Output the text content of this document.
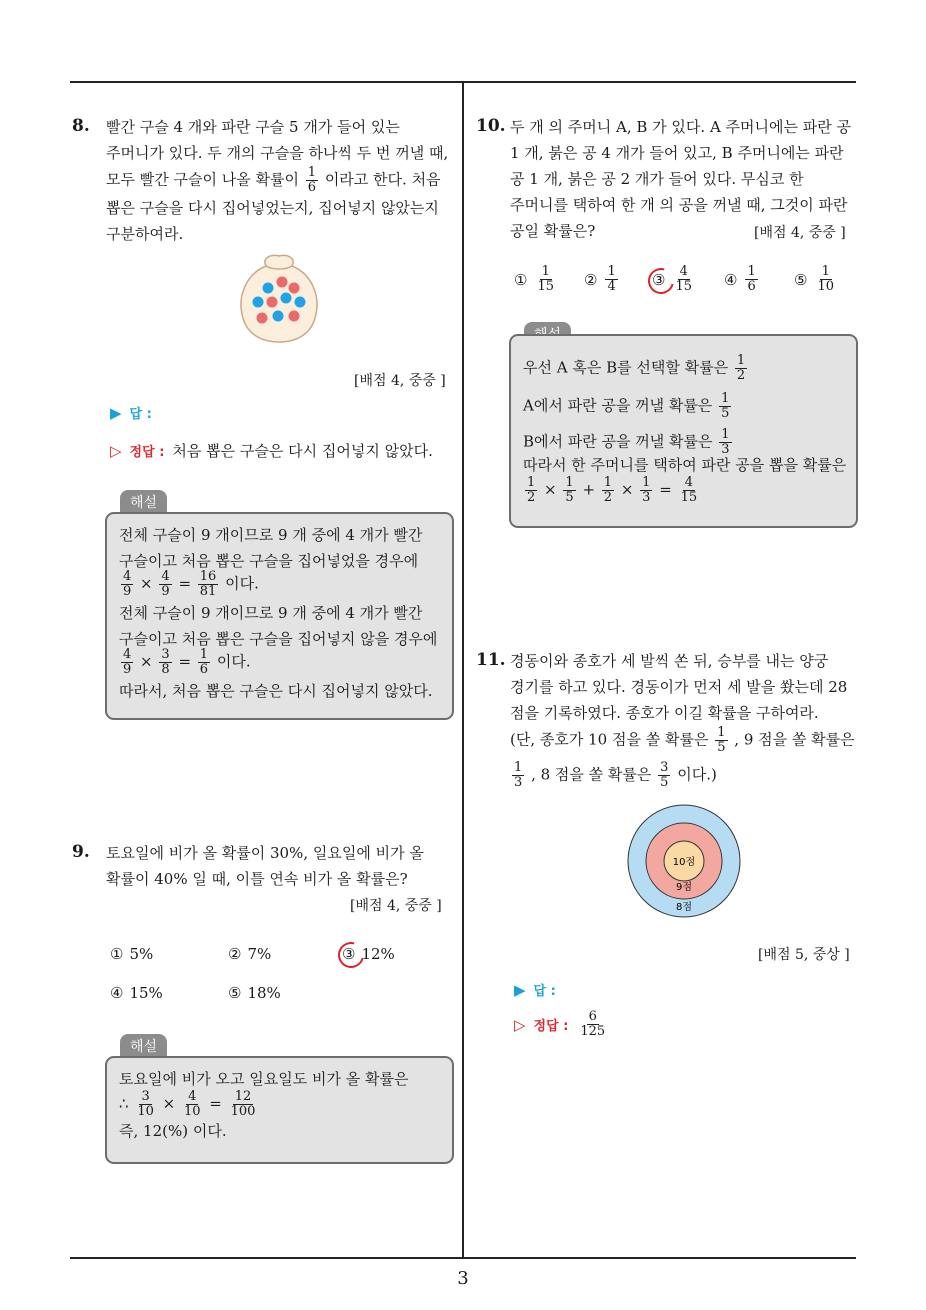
8. 빨간 구슬 4 개와 파란 구슬 5 개가 들어 있는

주머니가 있다. 두 개의 구슬을 하나씩 두 번 꺼낼 때,

모두 빨간 구슬이 나올 확률이 $\frac{1}{6}$ 이라고 한다. 처음

뽑은 구슬을 다시 집어넣었는지, 집어넣지 않았는지

구분하여라.

[배점 4, 중중 ]
▶ 답 :
▷ 정답 : 처음 뽑은 구슬은 다시 집어넣지 않았다.
해설
전체 구슬이 9 개이므로 9 개 중에 4 개가 빨간
구슬이고 처음 뽑은 구슬을 집어넣었을 경우에
$\frac{4}{9} \times \frac{4}{9} = \frac{16}{81}$ 이다.
전체 구슬이 9 개이므로 9 개 중에 4 개가 빨간
구슬이고 처음 뽑은 구슬을 집어넣지 않을 경우에
$\frac{4}{9} \times \frac{3}{8} = \frac{1}{6}$ 이다.
따라서, 처음 뽑은 구슬은 다시 집어넣지 않았다.
9. 토요일에 비가 올 확률이 30%, 일요일에 비가 올

확률이 40% 일 때, 이틀 연속 비가 올 확률은?

[배점 4, 중중 ]
① 5%	② 7%	③ 12%
④ 15%	⑤ 18%
해설
토요일에 비가 오고 일요일도 비가 올 확률은
∴ $\frac{3}{10} \times \frac{4}{10} = \frac{12}{100}$
즉, 12(%) 이다.
10. 두 개 의 주머니 A, B 가 있다. A 주머니에는 파란 공

1 개, 붉은 공 4 개가 들어 있고, B 주머니에는 파란

공 1 개, 붉은 공 2 개가 들어 있다. 무심코 한

주머니를 택하여 한 개 의 공을 꺼낼 때, 그것이 파란

공일 확률은?	[배점 4, 중중 ]
① $\frac{1}{15}$ ② $\frac{1}{4}$ ③ $\frac{4}{15}$ ④ $\frac{1}{6}$ ⑤ $\frac{1}{10}$
우선 A 혹은 B를 선택할 확률은 $\frac{1}{2}$
A에서 파란 공을 꺼낼 확률은 $\frac{1}{5}$
B에서 파란 공을 꺼낼 확률은 $\frac{1}{3}$
따라서 한 주머니를 택하여 파란 공을 뽑을 확률은
$\frac{1}{2} \times \frac{1}{5} + \frac{1}{2} \times \frac{1}{3} = \frac{4}{15}$
11. 경동이와 종호가 세 발씩 쏜 뒤, 승부를 내는 양궁

경기를 하고 있다. 경동이가 먼저 세 발을 쐈는데 28

점을 기록하였다. 종호가 이길 확률을 구하여라.

(단, 종호가 10 점을 쏠 확률은 $\frac{1}{5}$ , 9 점을 쏠 확률은

$\frac{1}{3}$ , 8 점을 쏠 확률은 $\frac{3}{5}$ 이다.)

10점
9점
8점
[배점 5, 중상 ]
▶ 답 :
▷ 정답 : $\frac{6}{125}$
3
